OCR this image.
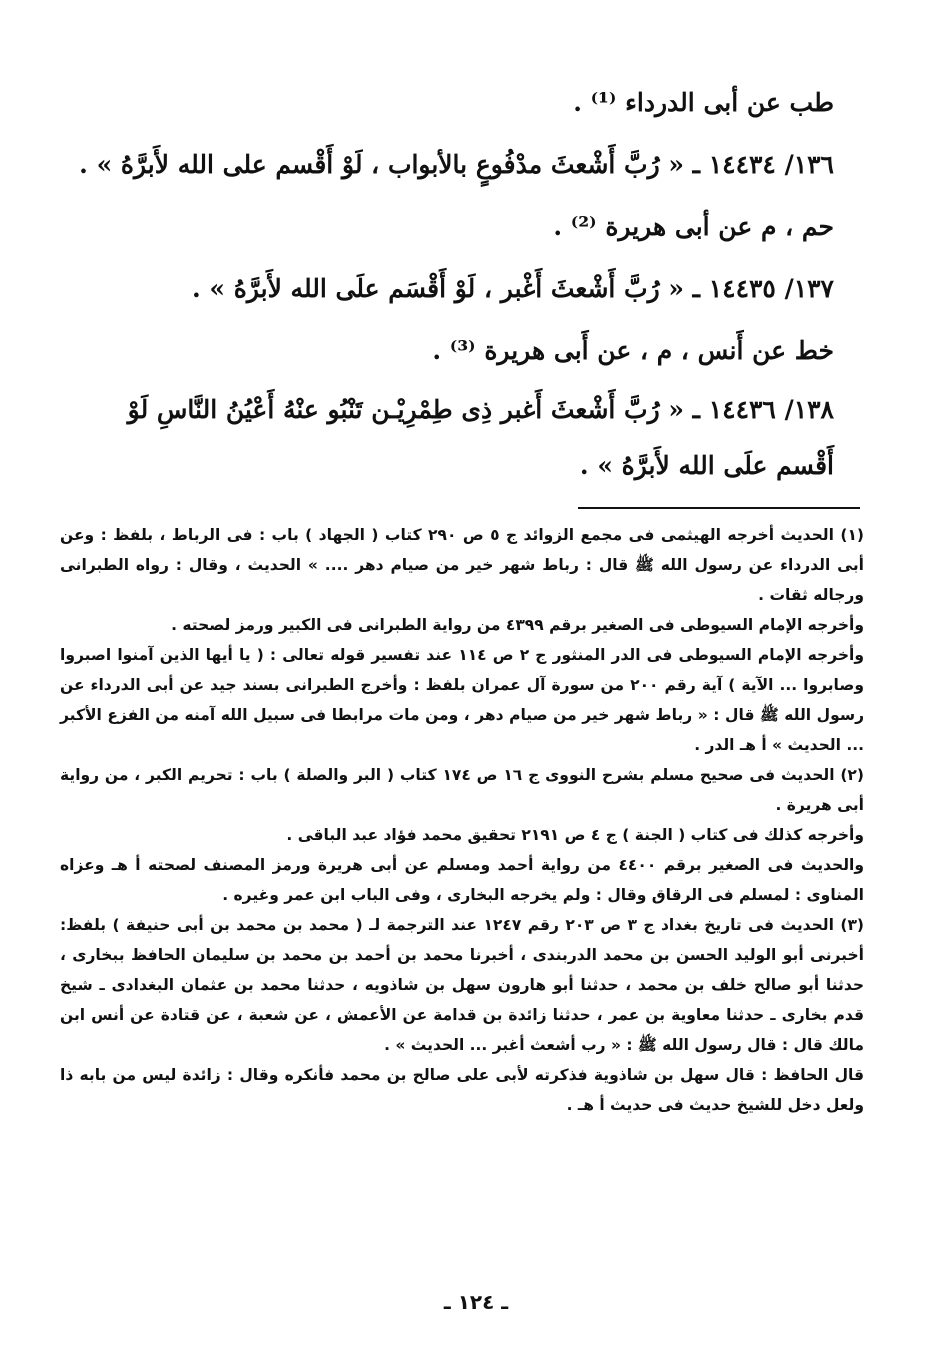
طب عن أبى الدرداء ⁽¹⁾ .

١٣٦/ ١٤٤٣٤ ـ « رُبَّ أَشْعثَ مدْفُوعٍ بالأبواب ، لَوْ أَقْسم على الله لأَبرَّهُ » .

حم ، م عن أبى هريرة ⁽²⁾ .

١٣٧/ ١٤٤٣٥ ـ « رُبَّ أَشْعثَ أَغْبر ، لَوْ أَقْسَم علَى الله لأَبرَّهُ » .

خط عن أَنس ، م ، عن أَبى هريرة ⁽³⁾ .

١٣٨/ ١٤٤٣٦ ـ « رُبَّ أَشْعثَ أَغبر ذِى طِمْرِيْـن تَنْبُو عنْهُ أَعْيُنُ النَّاسِ لَوْ أَقْسم علَى الله لأَبرَّهُ » .

(١) الحديث أخرجه الهيثمى فى مجمع الزوائد ج ٥ ص ٢٩٠ كتاب ( الجهاد ) باب : فى الرباط ، بلفظ : وعن أبى الدرداء عن رسول الله ﷺ قال : رباط شهر خير من صيام دهر .... » الحديث ، وقال : رواه الطبرانى ورجاله ثقات .

وأخرجه الإمام السيوطى فى الصغير برقم ٤٣٩٩ من رواية الطبرانى فى الكبير ورمز لصحته .

وأخرجه الإمام السيوطى فى الدر المنثور ج ٢ ص ١١٤ عند تفسير قوله تعالى : ( يا أيها الذين آمنوا اصبروا وصابروا ... الآية ) آية رقم ٢٠٠ من سورة آل عمران بلفظ : وأخرج الطبرانى بسند جيد عن أبى الدرداء عن رسول الله ﷺ قال : « رباط شهر خير من صيام دهر ، ومن مات مرابطا فى سبيل الله آمنه من الفزع الأكبر ... الحديث » أ هـ الدر .

(٢) الحديث فى صحيح مسلم بشرح النووى ج ١٦ ص ١٧٤ كتاب ( البر والصلة ) باب : تحريم الكبر ، من رواية أبى هريرة .

وأخرجه كذلك فى كتاب ( الجنة ) ج ٤ ص ٢١٩١ تحقيق محمد فؤاد عبد الباقى .

والحديث فى الصغير برقم ٤٤٠٠ من رواية أحمد ومسلم عن أبى هريرة ورمز المصنف لصحته أ هـ وعزاه المناوى : لمسلم فى الرقاق وقال : ولم يخرجه البخارى ، وفى الباب ابن عمر وغيره .

(٣) الحديث فى تاريخ بغداد ج ٣ ص ٢٠٣ رقم ١٢٤٧ عند الترجمة لـ ( محمد بن محمد بن أبى حنيفة ) بلفظ: أخبرنى أبو الوليد الحسن بن محمد الدربندى ، أخبرنا محمد بن أحمد بن محمد بن سليمان الحافظ ببخارى ، حدثنا أبو صالح خلف بن محمد ، حدثنا أبو هارون سهل بن شاذويه ، حدثنا محمد بن عثمان البغدادى ـ شيخ قدم بخارى ـ حدثنا معاوية بن عمر ، حدثنا زائدة بن قدامة عن الأعمش ، عن شعبة ، عن قتادة عن أنس ابن مالك قال : قال رسول الله ﷺ : « رب أشعث أغبر ... الحديث » .

قال الحافظ : قال سهل بن شاذوية فذكرته لأبى على صالح بن محمد فأنكره وقال : زائدة ليس من بابه ذا ولعل دخل للشيخ حديث فى حديث أ هـ .

ـ ١٢٤ ـ
